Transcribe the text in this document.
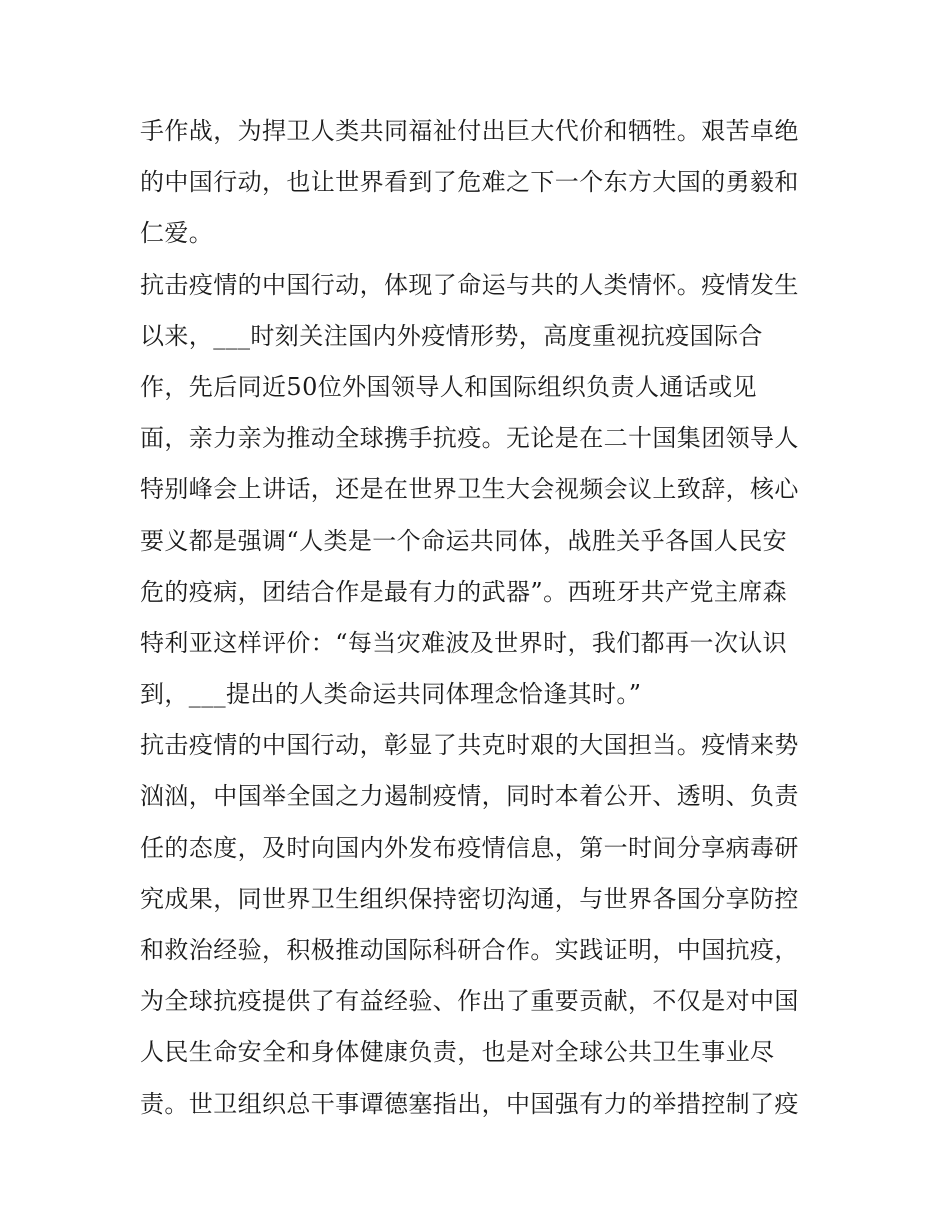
手作战，为捍卫人类共同福祉付出巨大代价和牺牲。艰苦卓绝
的中国行动，也让世界看到了危难之下一个东方大国的勇毅和
仁爱。
抗击疫情的中国行动，体现了命运与共的人类情怀。疫情发生
以来，___时刻关注国内外疫情形势，高度重视抗疫国际合
作，先后同近50位外国领导人和国际组织负责人通话或见
面，亲力亲为推动全球携手抗疫。无论是在二十国集团领导人
特别峰会上讲话，还是在世界卫生大会视频会议上致辞，核心
要义都是强调“人类是一个命运共同体，战胜关乎各国人民安
危的疫病，团结合作是最有力的武器”。西班牙共产党主席森
特利亚这样评价：“每当灾难波及世界时，我们都再一次认识
到，___提出的人类命运共同体理念恰逢其时。”
抗击疫情的中国行动，彰显了共克时艰的大国担当。疫情来势
汹汹，中国举全国之力遏制疫情，同时本着公开、透明、负责
任的态度，及时向国内外发布疫情信息，第一时间分享病毒研
究成果，同世界卫生组织保持密切沟通，与世界各国分享防控
和救治经验，积极推动国际科研合作。实践证明，中国抗疫，
为全球抗疫提供了有益经验、作出了重要贡献，不仅是对中国
人民生命安全和身体健康负责，也是对全球公共卫生事业尽
责。世卫组织总干事谭德塞指出，中国强有力的举措控制了疫
